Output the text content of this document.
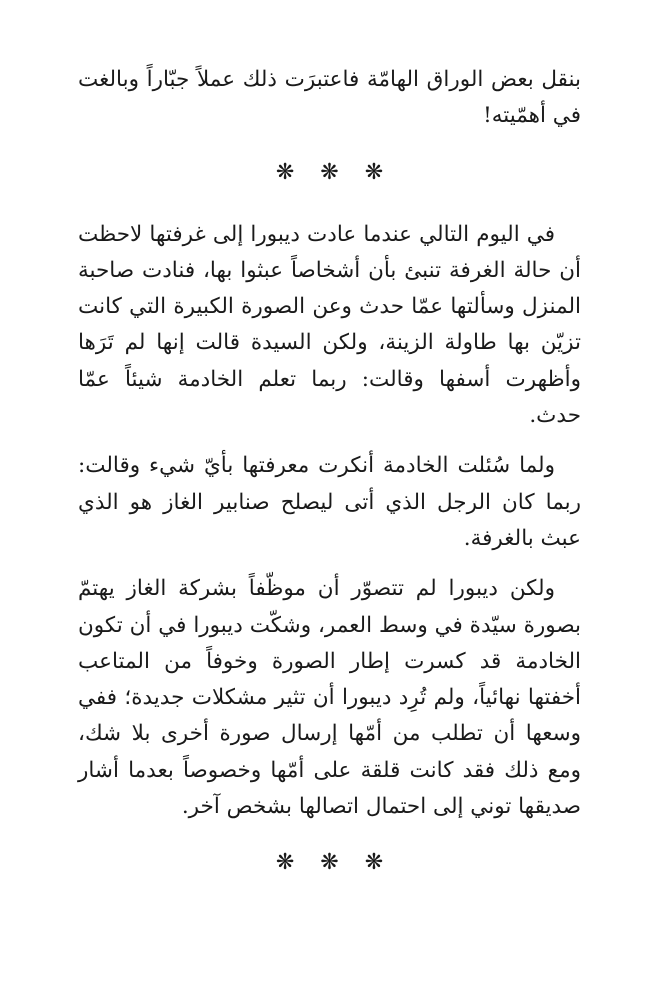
بنقل بعض الوراق الهامّة فاعتبرَت ذلك عملاً جبّاراً وبالغت في أهمّيته!

❋ ❋ ❋

في اليوم التالي عندما عادت ديبورا إلى غرفتها لاحظت أن حالة الغرفة تنبئ بأن أشخاصاً عبثوا بها، فنادت صاحبة المنزل وسألتها عمّا حدث وعن الصورة الكبيرة التي كانت تزيّن بها طاولة الزينة، ولكن السيدة قالت إنها لم تَرَها وأظهرت أسفها وقالت: ربما تعلم الخادمة شيئاً عمّا حدث.

ولما سُئلت الخادمة أنكرت معرفتها بأيّ شيء وقالت: ربما كان الرجل الذي أتى ليصلح صنابير الغاز هو الذي عبث بالغرفة.

ولكن ديبورا لم تتصوّر أن موظّفاً بشركة الغاز يهتمّ بصورة سيّدة في وسط العمر، وشكّت ديبورا في أن تكون الخادمة قد كسرت إطار الصورة وخوفاً من المتاعب أخفتها نهائياً، ولم تُرِد ديبورا أن تثير مشكلات جديدة؛ ففي وسعها أن تطلب من أمّها إرسال صورة أخرى بلا شك، ومع ذلك فقد كانت قلقة على أمّها وخصوصاً بعدما أشار صديقها توني إلى احتمال اتصالها بشخص آخر.

❋ ❋ ❋
